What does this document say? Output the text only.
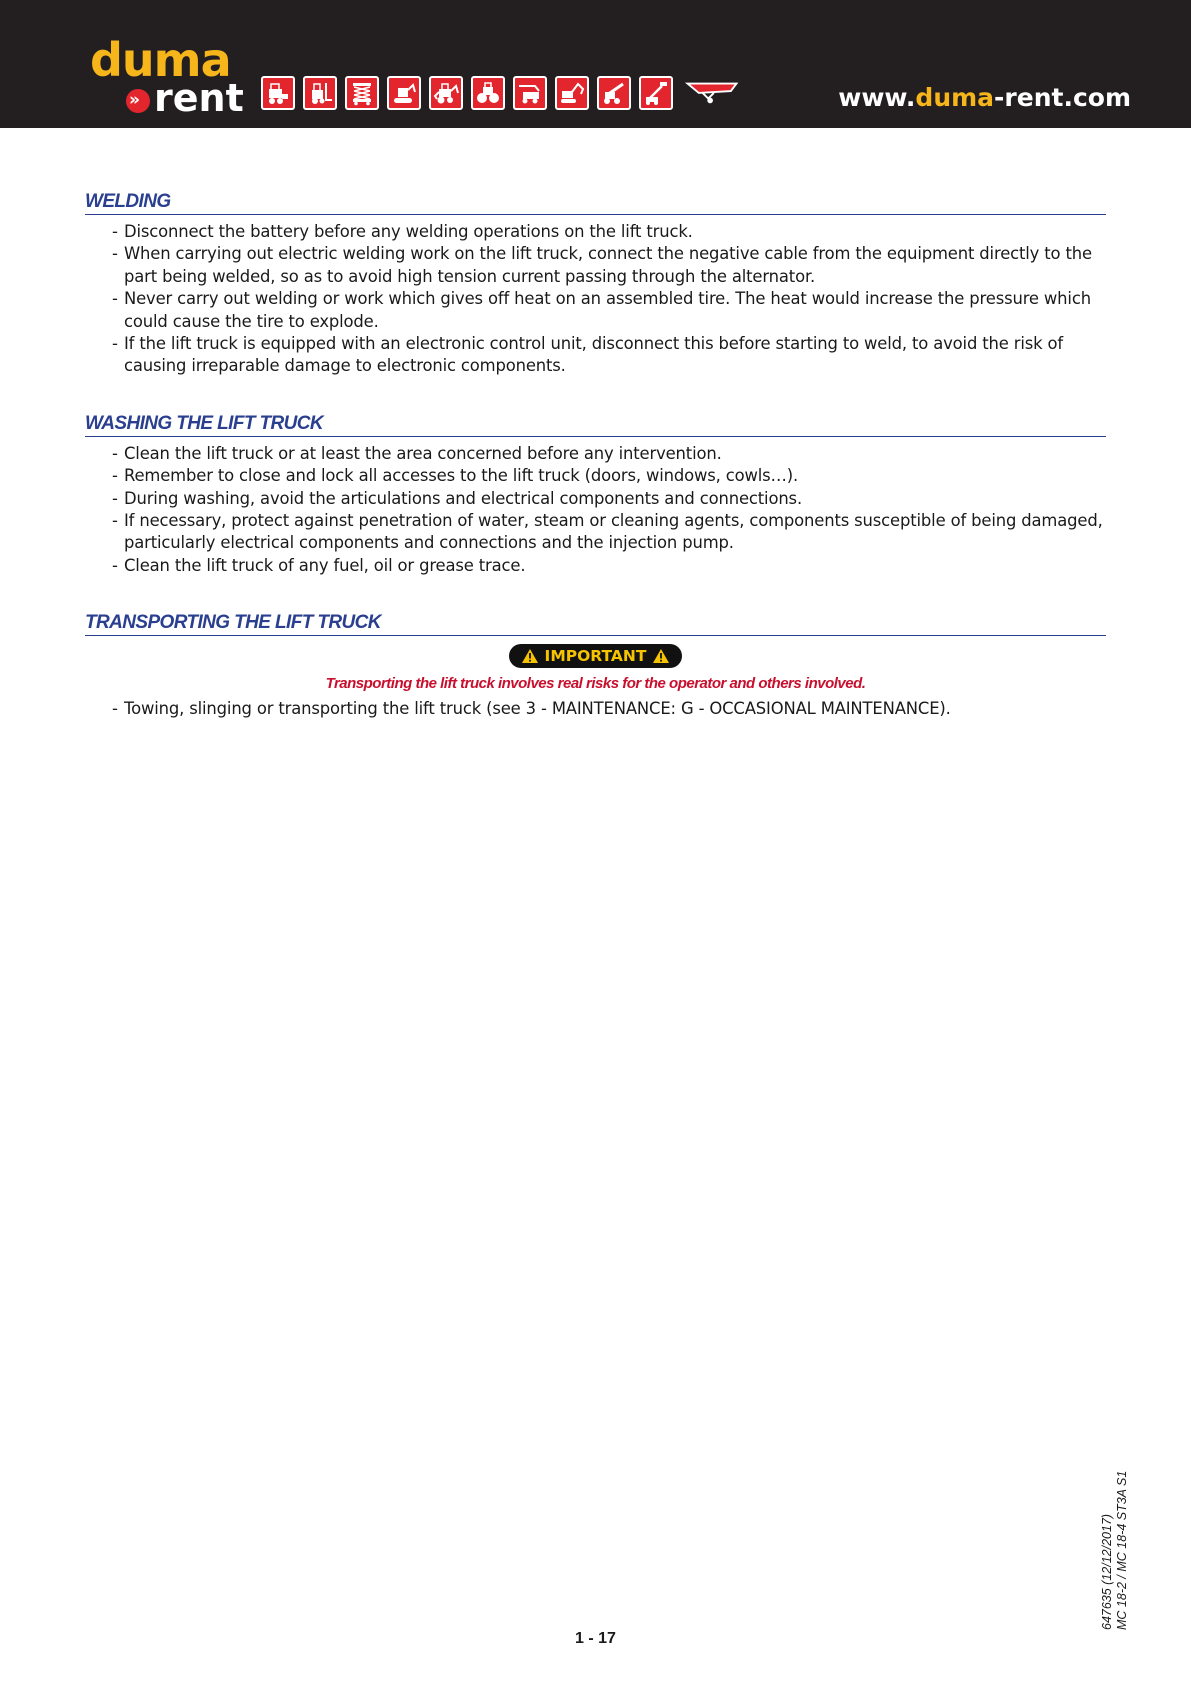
duma
» rent	www.duma-rent.com
WELDING
- Disconnect the battery before any welding operations on the lift truck.
- When carrying out electric welding work on the lift truck, connect the negative cable from the equipment directly to the part being welded, so as to avoid high tension current passing through the alternator.
- Never carry out welding or work which gives off heat on an assembled tire. The heat would increase the pressure which could cause the tire to explode.
- If the lift truck is equipped with an electronic control unit, disconnect this before starting to weld, to avoid the risk of causing irreparable damage to electronic components.
WASHING THE LIFT TRUCK
- Clean the lift truck or at least the area concerned before any intervention.
- Remember to close and lock all accesses to the lift truck (doors, windows, cowls…).
- During washing, avoid the articulations and electrical components and connections.
- If necessary, protect against penetration of water, steam or cleaning agents, components susceptible of being damaged, particularly electrical components and connections and the injection pump.
- Clean the lift truck of any fuel, oil or grease trace.
TRANSPORTING THE LIFT TRUCK
IMPORTANT
Transporting the lift truck involves real risks for the operator and others involved.
- Towing, slinging or transporting the lift truck (see 3 - MAINTENANCE: G - OCCASIONAL MAINTENANCE).
1 - 17
647635 (12/12/2017) MC 18-2 / MC 18-4 ST3A S1
